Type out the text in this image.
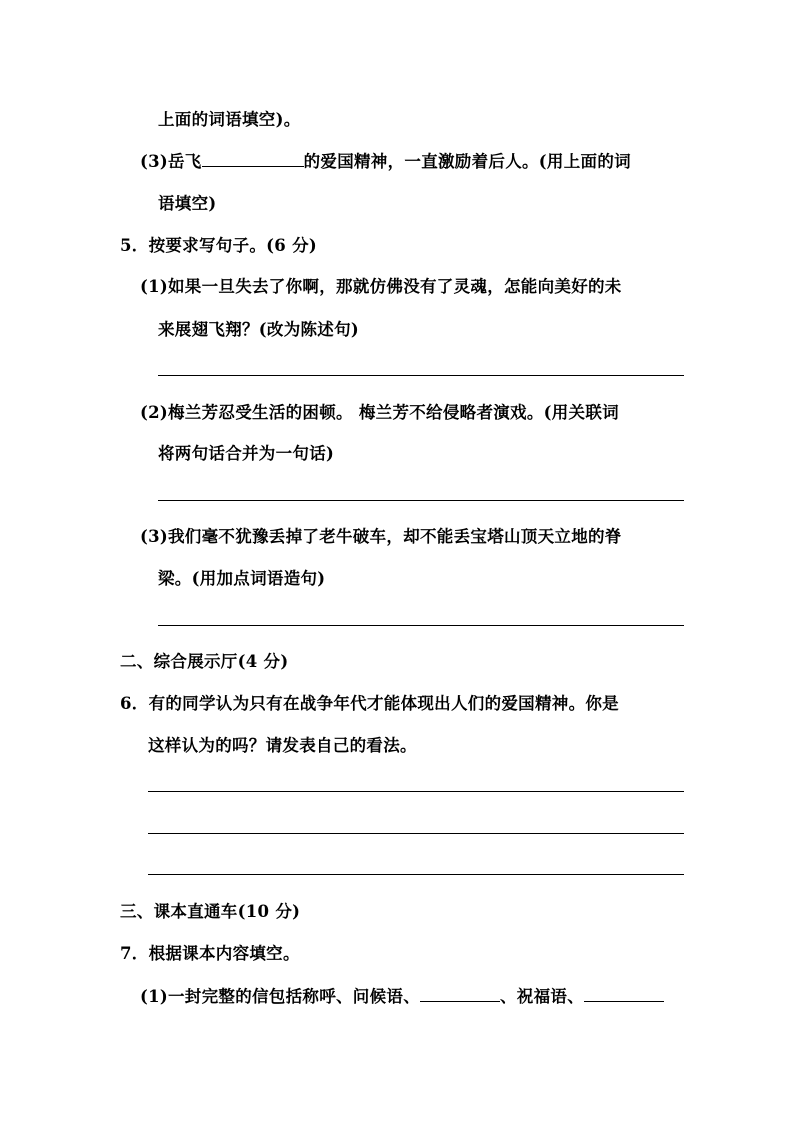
上面的词语填空)。
(3)岳飞	的爱国精神，一直激励着后人。(用上面的词
语填空)
5．按要求写句子。(6 分)
(1)如果一旦失去了你啊，那就仿佛没有了灵魂，怎能向美好的未
来展翅飞翔？(改为陈述句)
(2)梅兰芳忍受生活的困顿。 梅兰芳不给侵略者演戏。(用关联词
将两句话合并为一句话)
(3)我们毫不犹豫丢掉了老牛破车，却不能丢宝塔山顶天立地的脊
梁。(用加点词语造句)
二、综合展示厅(4 分)
6．有的同学认为只有在战争年代才能体现出人们的爱国精神。你是
这样认为的吗？请发表自己的看法。
三、课本直通车(10 分)
7．根据课本内容填空。
(1)一封完整的信包括称呼、问候语、	、祝福语、
